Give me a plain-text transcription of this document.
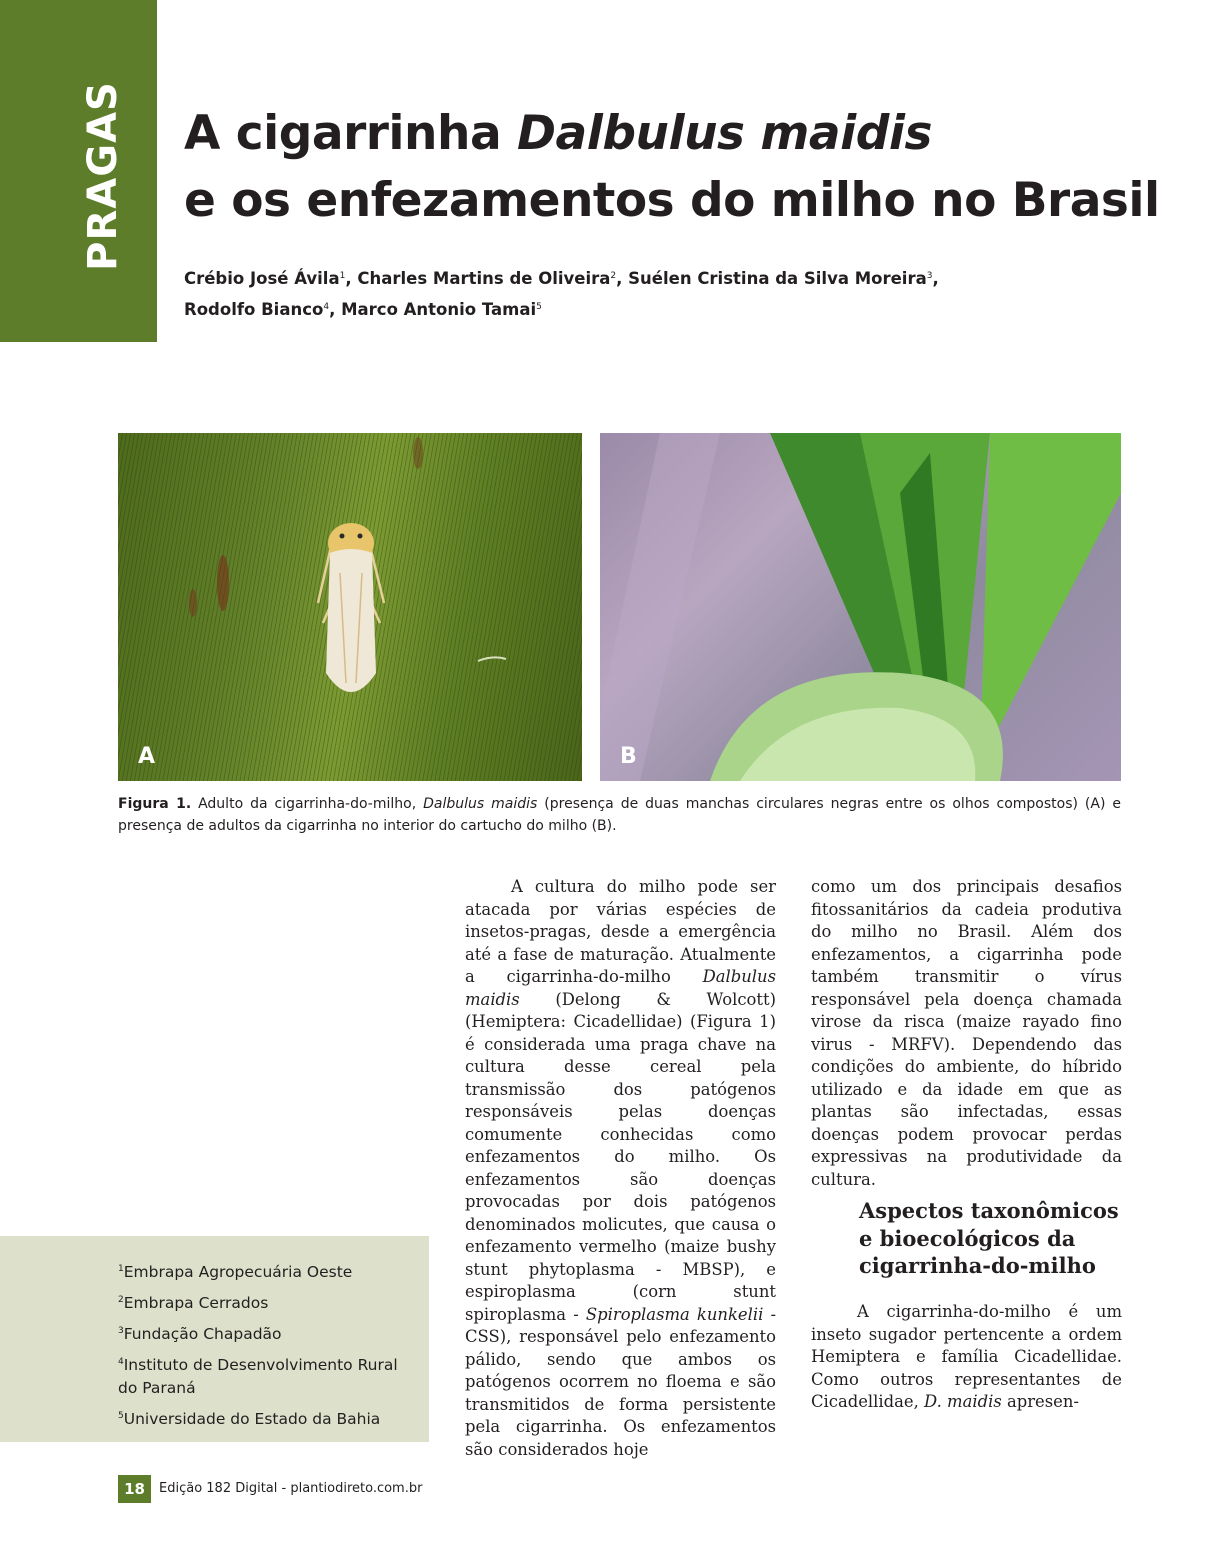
PRAGAS A cigarrinha Dalbulus maidis
e os enfezamentos do milho no Brasil
Crébio José Ávila$^1$, Charles Martins de Oliveira$^2$, Suélen Cristina da Silva Moreira$^3$,
Rodolfo Bianco$^4$, Marco Antonio Tamai$^5$
A	B
Figura 1. Adulto da cigarrinha-do-milho, Dalbulus maidis (presença de duas manchas circulares negras entre os olhos compostos) (A) e presença de adultos da cigarrinha no interior do cartucho do milho (B).
$^1$Embrapa Agropecuária Oeste
$^2$Embrapa Cerrados
$^3$Fundação Chapadão
$^4$Instituto de Desenvolvimento Rural do Paraná
$^5$Universidade do Estado da Bahia

A cultura do milho pode ser atacada por várias espécies de insetos-pragas, desde a emergência até a fase de maturação. Atualmente a cigarrinha-do-milho Dalbulus maidis (Delong & Wolcott) (Hemiptera: Cicadellidae) (Figura 1) é considerada uma praga chave na cultura desse cereal pela transmissão dos patógenos responsáveis pelas doenças comumente conhecidas como enfezamentos do milho. Os enfezamentos são doenças provocadas por dois patógenos denominados molicutes, que causa o enfezamento vermelho (maize bushy stunt phytoplasma - MBSP), e espiroplasma (corn stunt spiroplasma - Spiroplasma kunkelii - CSS), responsável pelo enfezamento pálido, sendo que ambos os patógenos ocorrem no floema e são transmitidos de forma persistente pela cigarrinha. Os enfezamentos são considerados hoje

como um dos principais desafios fitossanitários da cadeia produtiva do milho no Brasil. Além dos enfezamentos, a cigarrinha pode também transmitir o vírus responsável pela doença chamada virose da risca (maize rayado fino virus - MRFV). Dependendo das condições do ambiente, do híbrido utilizado e da idade em que as plantas são infectadas, essas doenças podem provocar perdas expressivas na produtividade da cultura.

Aspectos taxonômicos e bioecológicos da cigarrinha-do-milho

A cigarrinha-do-milho é um inseto sugador pertencente a ordem Hemiptera e família Cicadellidae. Como outros representantes de Cicadellidae, D. maidis apresen-

18	Edição 182 Digital - plantiodireto.com.br
